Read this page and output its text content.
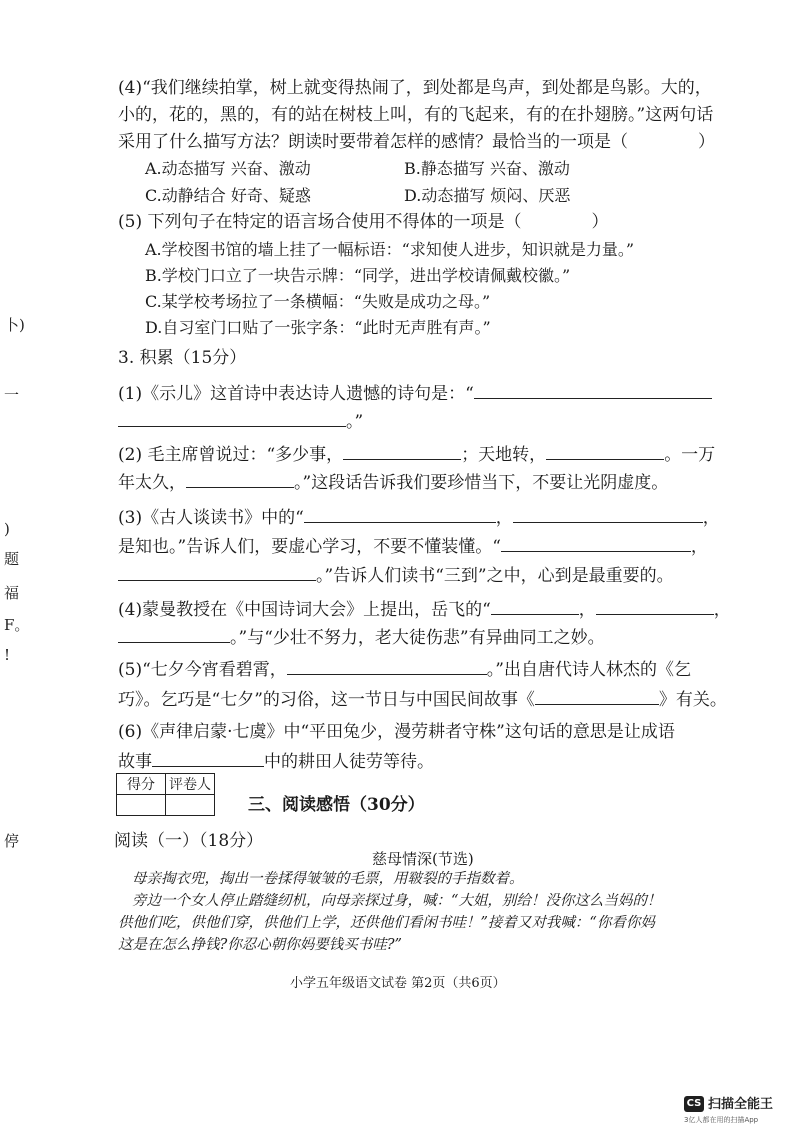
卜)
一
)
题
福
F。
!
停
(4)“我们继续拍掌，树上就变得热闹了，到处都是鸟声，到处都是鸟影。大的，
小的，花的，黑的，有的站在树枝上叫，有的飞起来，有的在扑翅膀。”这两句话
采用了什么描写方法？朗读时要带着怎样的感情？最恰当的一项是（	）
A.动态描写 兴奋、激动	B.静态描写 兴奋、激动
C.动静结合 好奇、疑惑	D.动态描写 烦闷、厌恶
(5) 下列句子在特定的语言场合使用不得体的一项是（	）
A.学校图书馆的墙上挂了一幅标语：“求知使人进步，知识就是力量。”
B.学校门口立了一块告示牌：“同学，进出学校请佩戴校徽。”
C.某学校考场拉了一条横幅：“失败是成功之母。”
D.自习室门口贴了一张字条：“此时无声胜有声。”
3. 积累（15分）
(1)《示儿》这首诗中表达诗人遗憾的诗句是：“
。”
(2) 毛主席曾说过：“多少事，	；天地转，	。一万
年太久，	。”这段话告诉我们要珍惜当下，不要让光阴虚度。
(3)《古人谈读书》中的“	，	，
是知也。”告诉人们，要虚心学习，不要不懂装懂。“	，
。”告诉人们读书“三到”之中，心到是最重要的。
(4)蒙曼教授在《中国诗词大会》上提出，岳飞的“	，	，
。”与“少壮不努力，老大徒伤悲”有异曲同工之妙。
(5)“七夕今宵看碧霄，	。”出自唐代诗人林杰的《乞
巧》。乞巧是“七夕”的习俗，这一节日与中国民间故事《	》有关。
(6)《声律启蒙·七虞》中“平田兔少，漫劳耕者守株”这句话的意思是让成语
故事	中的耕田人徒劳等待。
得分	评卷人

三、阅读感悟（30分）
阅读（一）（18分）
慈母情深(节选)
母亲掏衣兜，掏出一卷揉得皱皱的毛票，用皲裂的手指数着。
旁边一个女人停止踏缝纫机，向母亲探过身，喊：“大姐，别给！没你这么当妈的！
供他们吃，供他们穿，供他们上学，还供他们看闲书哇！”接着又对我喊：“你看你妈
这是在怎么挣钱?你忍心朝你妈要钱买书哇?”
小学五年级语文试卷 第2页（共6页）
CS 扫描全能王
3亿人都在用的扫描App
